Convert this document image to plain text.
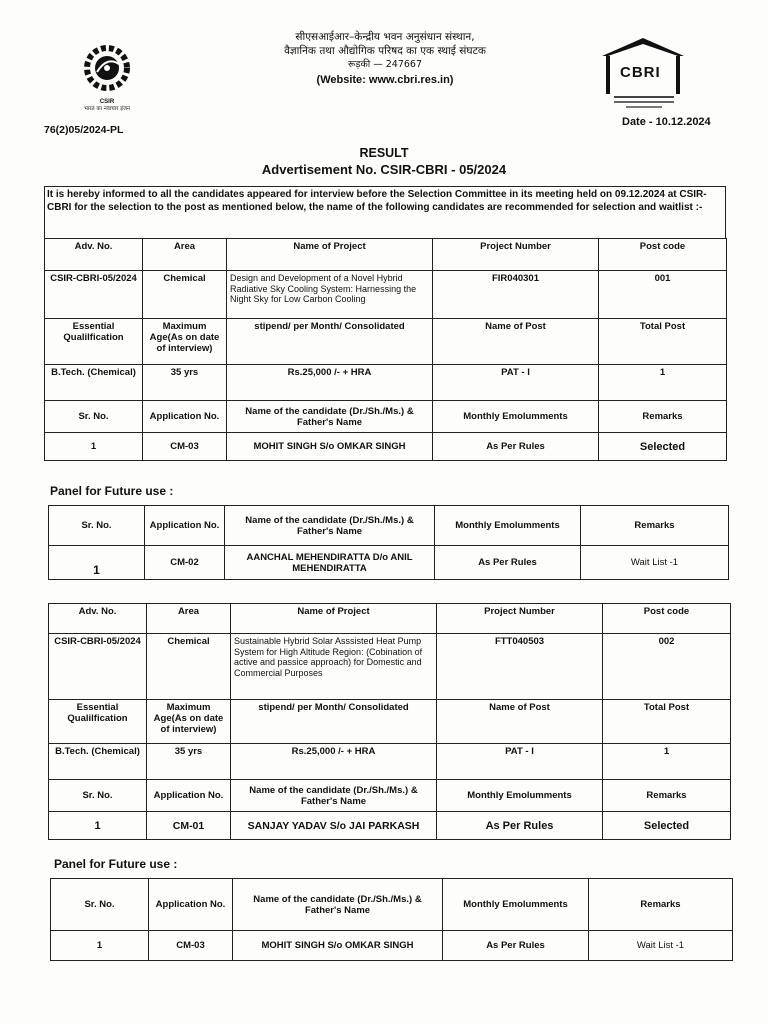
CSIR
भारत का नवाचार इंजन
सीएसआईआर–केन्द्रीय भवन अनुसंधान संस्थान,
वैज्ञानिक तथा औद्योगिक परिषद का एक स्थाई संघटक
रूड़की — 247667
(Website: www.cbri.res.in)	CBRI
76(2)05/2024-PL
Date - 10.12.2024
RESULT
Advertisement No. CSIR-CBRI - 05/2024
It is hereby informed to all the candidates appeared for interview before the Selection Committee in its meeting held on 09.12.2024 at CSIR-CBRI for the selection to the post as mentioned below, the name of the following candidates are recommended for selection and waitlist :-
Adv. No.	Area	Name of Project	Project Number	Post code
CSIR-CBRI-05/2024	Chemical	Design and Development of a Novel Hybrid Radiative Sky Cooling System: Harnessing the Night Sky for Low Carbon Cooling	FIR040301	001
Essential Qualilfication	Maximum Age(As on date of interview)	stipend/ per Month/ Consolidated	Name of Post	Total Post
B.Tech. (Chemical)	35 yrs	Rs.25,000 /- + HRA	PAT - I	1
Sr. No.	Application No.	Name of the candidate (Dr./Sh./Ms.) & Father's Name	Monthly Emolumments	Remarks
1	CM-03	MOHIT SINGH S/o OMKAR SINGH	As Per Rules	Selected
Panel for Future use :
Sr. No.	Application No.	Name of the candidate (Dr./Sh./Ms.) & Father's Name	Monthly Emolumments	Remarks
1	CM-02	AANCHAL MEHENDIRATTA D/o ANIL MEHENDIRATTA	As Per Rules	Wait List -1
Adv. No.	Area	Name of Project	Project Number	Post code
CSIR-CBRI-05/2024	Chemical	Sustainable Hybrid Solar Asssisted Heat Pump System for High Altitude Region: (Cobination of active and passice approach) for Domestic and Commercial Purposes	FTT040503	002
Essential Qualilfication	Maximum Age(As on date of interview)	stipend/ per Month/ Consolidated	Name of Post	Total Post
B.Tech. (Chemical)	35 yrs	Rs.25,000 /- + HRA	PAT - I	1
Sr. No.	Application No.	Name of the candidate (Dr./Sh./Ms.) & Father's Name	Monthly Emolumments	Remarks
1	CM-01	SANJAY YADAV S/o JAI PARKASH	As Per Rules	Selected
Panel for Future use :
Sr. No.	Application No.	Name of the candidate (Dr./Sh./Ms.) & Father's Name	Monthly Emolumments	Remarks
1	CM-03	MOHIT SINGH S/o OMKAR SINGH	As Per Rules	Wait List -1
